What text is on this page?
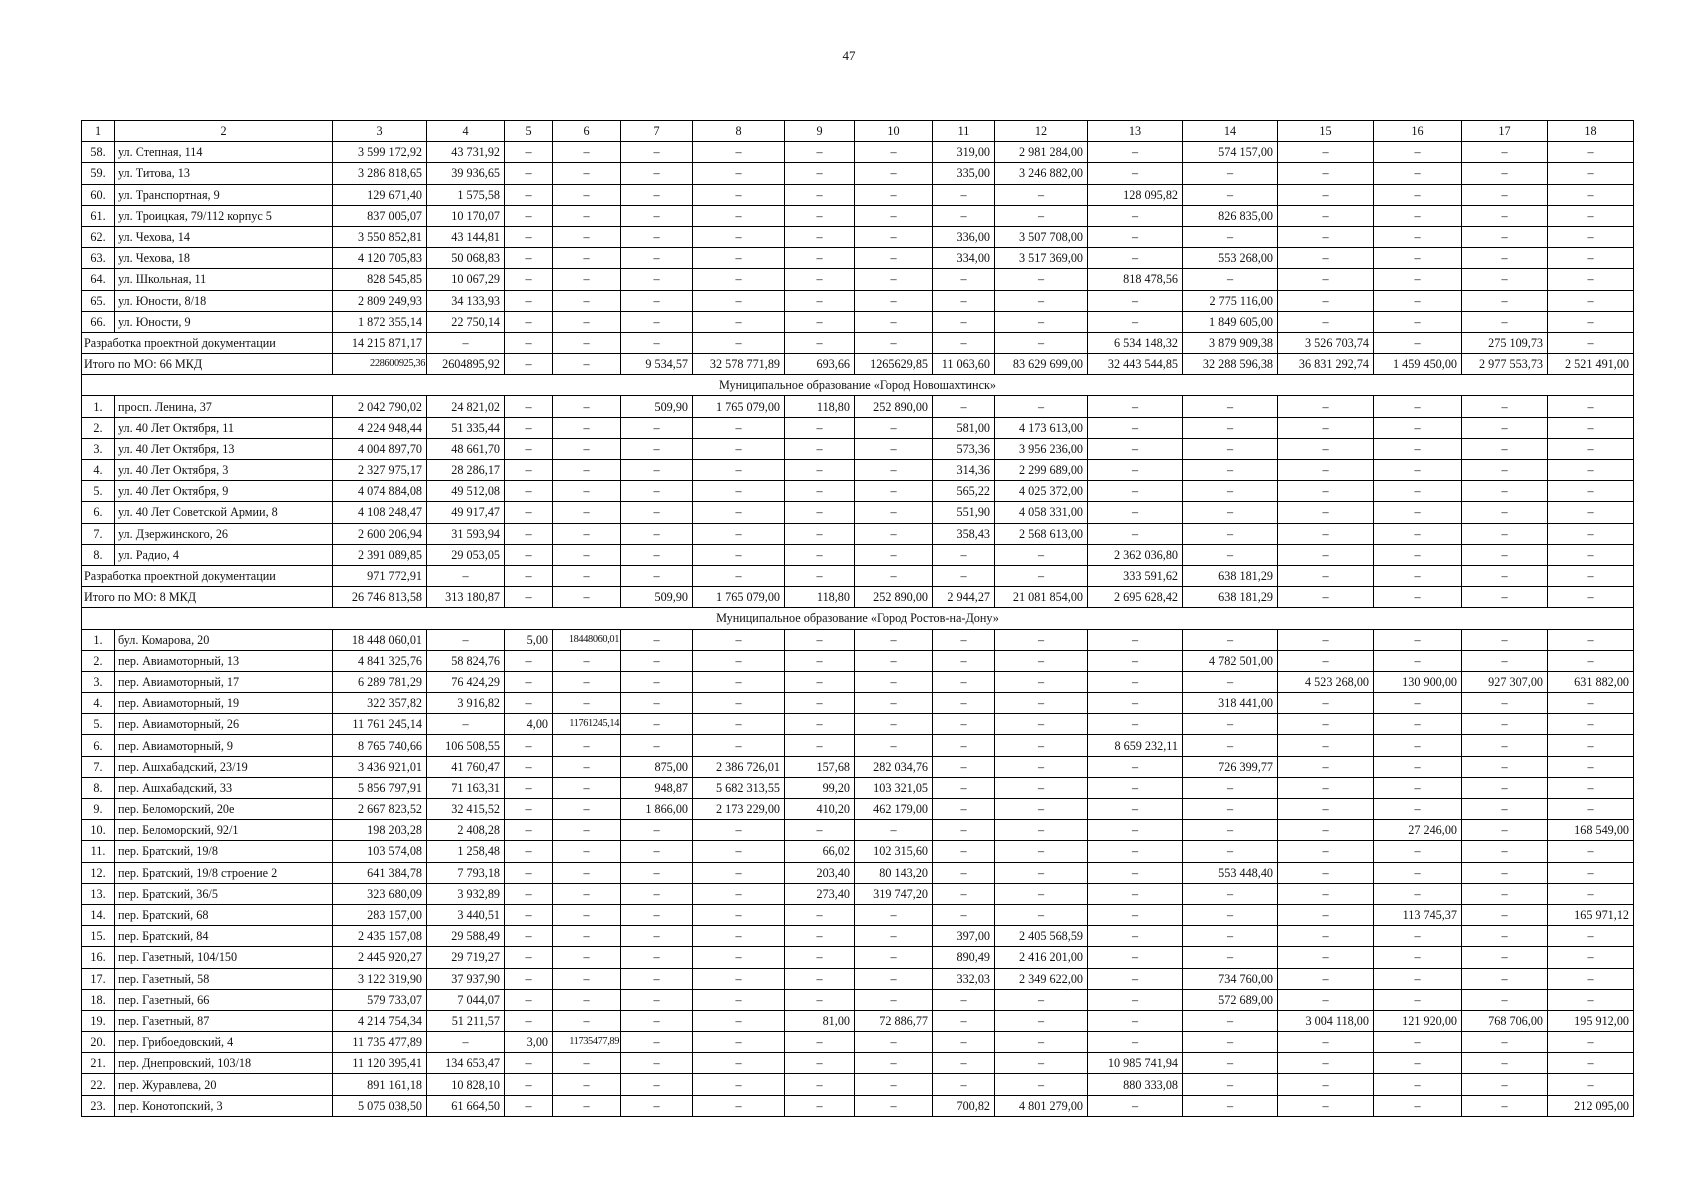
47
1	2	3	4	5	6	7	8	9	10	11	12	13	14	15	16	17	18
58.	ул. Степная, 114	3 599 172,92	43 731,92	–	–	–	–	–	–	319,00	2 981 284,00	–	574 157,00	–	–	–	–
59.	ул. Титова, 13	3 286 818,65	39 936,65	–	–	–	–	–	–	335,00	3 246 882,00	–	–	–	–	–	–
60.	ул. Транспортная, 9	129 671,40	1 575,58	–	–	–	–	–	–	–	–	128 095,82	–	–	–	–	–
61.	ул. Троицкая, 79/112 корпус 5	837 005,07	10 170,07	–	–	–	–	–	–	–	–	–	826 835,00	–	–	–	–
62.	ул. Чехова, 14	3 550 852,81	43 144,81	–	–	–	–	–	–	336,00	3 507 708,00	–	–	–	–	–	–
63.	ул. Чехова, 18	4 120 705,83	50 068,83	–	–	–	–	–	–	334,00	3 517 369,00	–	553 268,00	–	–	–	–
64.	ул. Школьная, 11	828 545,85	10 067,29	–	–	–	–	–	–	–	–	818 478,56	–	–	–	–	–
65.	ул. Юности, 8/18	2 809 249,93	34 133,93	–	–	–	–	–	–	–	–	–	2 775 116,00	–	–	–	–
66.	ул. Юности, 9	1 872 355,14	22 750,14	–	–	–	–	–	–	–	–	–	1 849 605,00	–	–	–	–
Разработка проектной документации		14 215 871,17	–	–	–	–	–	–	–	–	–	6 534 148,32	3 879 909,38	3 526 703,74	–	275 109,73	–
Итого по МО: 66 МКД		228600925,36	2604895,92	–	–	9 534,57	32 578 771,89	693,66	1265629,85	11 063,60	83 629 699,00	32 443 544,85	32 288 596,38	36 831 292,74	1 459 450,00	2 977 553,73	2 521 491,00
Муниципальное образование «Город Новошахтинск»																	
1.	просп. Ленина, 37	2 042 790,02	24 821,02	–	–	509,90	1 765 079,00	118,80	252 890,00	–	–	–	–	–	–	–	–
2.	ул. 40 Лет Октября, 11	4 224 948,44	51 335,44	–	–	–	–	–	–	581,00	4 173 613,00	–	–	–	–	–	–
3.	ул. 40 Лет Октября, 13	4 004 897,70	48 661,70	–	–	–	–	–	–	573,36	3 956 236,00	–	–	–	–	–	–
4.	ул. 40 Лет Октября, 3	2 327 975,17	28 286,17	–	–	–	–	–	–	314,36	2 299 689,00	–	–	–	–	–	–
5.	ул. 40 Лет Октября, 9	4 074 884,08	49 512,08	–	–	–	–	–	–	565,22	4 025 372,00	–	–	–	–	–	–
6.	ул. 40 Лет Советской Армии, 8	4 108 248,47	49 917,47	–	–	–	–	–	–	551,90	4 058 331,00	–	–	–	–	–	–
7.	ул. Дзержинского, 26	2 600 206,94	31 593,94	–	–	–	–	–	–	358,43	2 568 613,00	–	–	–	–	–	–
8.	ул. Радио, 4	2 391 089,85	29 053,05	–	–	–	–	–	–	–	–	2 362 036,80	–	–	–	–	–
Разработка проектной документации		971 772,91	–	–	–	–	–	–	–	–	–	333 591,62	638 181,29	–	–	–	–
Итого по МО: 8 МКД		26 746 813,58	313 180,87	–	–	509,90	1 765 079,00	118,80	252 890,00	2 944,27	21 081 854,00	2 695 628,42	638 181,29	–	–	–	–
Муниципальное образование «Город Ростов-на-Дону»																	
1.	бул. Комарова, 20	18 448 060,01	–	5,00	18448060,01	–	–	–	–	–	–	–	–	–	–	–	–
2.	пер. Авиамоторный, 13	4 841 325,76	58 824,76	–	–	–	–	–	–	–	–	–	4 782 501,00	–	–	–	–
3.	пер. Авиамоторный, 17	6 289 781,29	76 424,29	–	–	–	–	–	–	–	–	–	–	4 523 268,00	130 900,00	927 307,00	631 882,00
4.	пер. Авиамоторный, 19	322 357,82	3 916,82	–	–	–	–	–	–	–	–	–	318 441,00	–	–	–	–
5.	пер. Авиамоторный, 26	11 761 245,14	–	4,00	11761245,14	–	–	–	–	–	–	–	–	–	–	–	–
6.	пер. Авиамоторный, 9	8 765 740,66	106 508,55	–	–	–	–	–	–	–	–	8 659 232,11	–	–	–	–	–
7.	пер. Ашхабадский, 23/19	3 436 921,01	41 760,47	–	–	875,00	2 386 726,01	157,68	282 034,76	–	–	–	726 399,77	–	–	–	–
8.	пер. Ашхабадский, 33	5 856 797,91	71 163,31	–	–	948,87	5 682 313,55	99,20	103 321,05	–	–	–	–	–	–	–	–
9.	пер. Беломорский, 20е	2 667 823,52	32 415,52	–	–	1 866,00	2 173 229,00	410,20	462 179,00	–	–	–	–	–	–	–	–
10.	пер. Беломорский, 92/1	198 203,28	2 408,28	–	–	–	–	–	–	–	–	–	–	–	27 246,00	–	168 549,00
11.	пер. Братский, 19/8	103 574,08	1 258,48	–	–	–	–	66,02	102 315,60	–	–	–	–	–	–	–	–
12.	пер. Братский, 19/8 строение 2	641 384,78	7 793,18	–	–	–	–	203,40	80 143,20	–	–	–	553 448,40	–	–	–	–
13.	пер. Братский, 36/5	323 680,09	3 932,89	–	–	–	–	273,40	319 747,20	–	–	–	–	–	–	–	–
14.	пер. Братский, 68	283 157,00	3 440,51	–	–	–	–	–	–	–	–	–	–	–	113 745,37	–	165 971,12
15.	пер. Братский, 84	2 435 157,08	29 588,49	–	–	–	–	–	–	397,00	2 405 568,59	–	–	–	–	–	–
16.	пер. Газетный, 104/150	2 445 920,27	29 719,27	–	–	–	–	–	–	890,49	2 416 201,00	–	–	–	–	–	–
17.	пер. Газетный, 58	3 122 319,90	37 937,90	–	–	–	–	–	–	332,03	2 349 622,00	–	734 760,00	–	–	–	–
18.	пер. Газетный, 66	579 733,07	7 044,07	–	–	–	–	–	–	–	–	–	572 689,00	–	–	–	–
19.	пер. Газетный, 87	4 214 754,34	51 211,57	–	–	–	–	81,00	72 886,77	–	–	–	–	3 004 118,00	121 920,00	768 706,00	195 912,00
20.	пер. Грибоедовский, 4	11 735 477,89	–	3,00	11735477,89	–	–	–	–	–	–	–	–	–	–	–	–
21.	пер. Днепровский, 103/18	11 120 395,41	134 653,47	–	–	–	–	–	–	–	–	10 985 741,94	–	–	–	–	–
22.	пер. Журавлева, 20	891 161,18	10 828,10	–	–	–	–	–	–	–	–	880 333,08	–	–	–	–	–
23.	пер. Конотопский, 3	5 075 038,50	61 664,50	–	–	–	–	–	–	700,82	4 801 279,00	–	–	–	–	–	212 095,00
